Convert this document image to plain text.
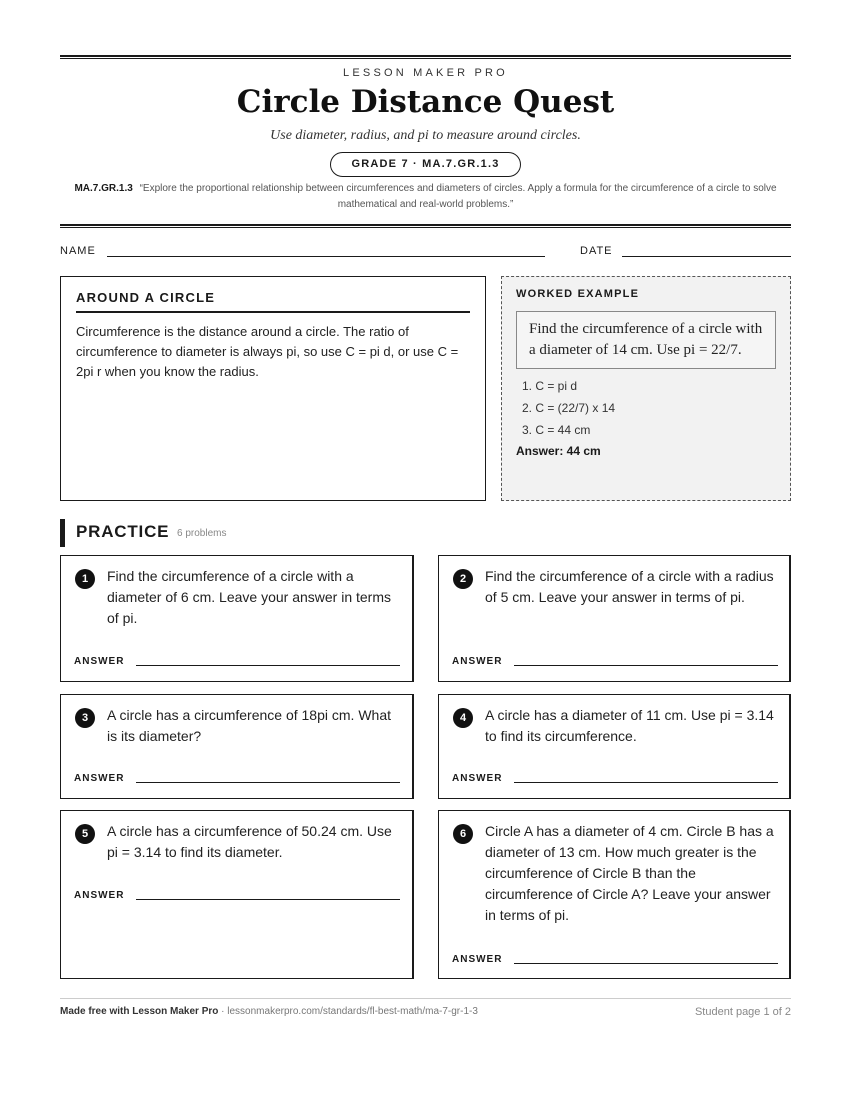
LESSON MAKER PRO
Circle Distance Quest
Use diameter, radius, and pi to measure around circles.
GRADE 7 · MA.7.GR.1.3
MA.7.GR.1.3 “Explore the proportional relationship between circumferences and diameters of circles. Apply a formula for the circumference of a circle to solve mathematical and real-world problems.”
NAME	DATE
AROUND A CIRCLE
Circumference is the distance around a circle. The ratio of circumference to diameter is always pi, so use C = pi d, or use C = 2pi r when you know the radius.
WORKED EXAMPLE
Find the circumference of a circle with a diameter of 14 cm. Use pi = 22/7.
1. C = pi d
2. C = (22/7) x 14
3. C = 44 cm
Answer: 44 cm
PRACTICE 6 problems
1	Find the circumference of a circle with a diameter of 6 cm. Leave your answer in terms of pi.
ANSWER
2	Find the circumference of a circle with a radius of 5 cm. Leave your answer in terms of pi.
ANSWER
3	A circle has a circumference of 18pi cm. What is its diameter?
ANSWER
4	A circle has a diameter of 11 cm. Use pi = 3.14 to find its circumference.
ANSWER
5	A circle has a circumference of 50.24 cm. Use pi = 3.14 to find its diameter.
ANSWER
6	Circle A has a diameter of 4 cm. Circle B has a diameter of 13 cm. How much greater is the circumference of Circle B than the circumference of Circle A? Leave your answer in terms of pi.
ANSWER
Made free with Lesson Maker Pro · lessonmakerpro.com/standards/fl-best-math/ma-7-gr-1-3	Student page 1 of 2
